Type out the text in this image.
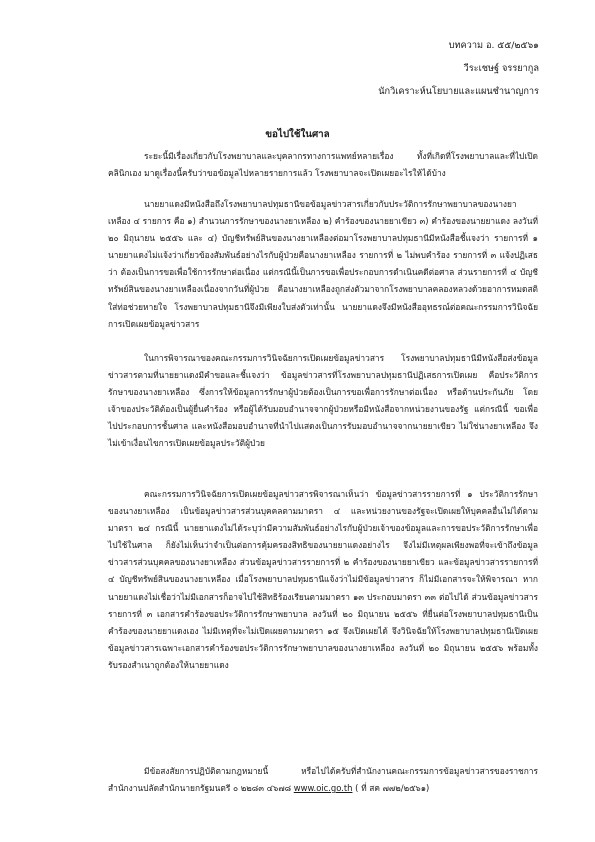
บทความ อ. ๕๕/๒๕๖๑
วีระเชษฐ์ จรรยากูล
นักวิเคราะห์นโยบายและแผนชำนาญการ
ขอไปใช้ในศาล

ระยะนี้มีเรื่องเกี่ยวกับโรงพยาบาลและบุคลากรทางการแพทย์หลายเรื่อง ทั้งที่เกิดที่โรงพยาบาลและที่ไปเปิดคลินิกเอง มาดูเรื่องนี้ครับว่าขอข้อมูลไปหลายรายการแล้ว โรงพยาบาลจะเปิดเผยอะไรให้ได้บ้าง

นายยาแดงมีหนังสือถึงโรงพยาบาลปทุมธานีขอข้อมูลข่าวสารเกี่ยวกับประวัติการรักษาพยาบาลของนางยาเหลือง ๔ รายการ คือ ๑) สำนวนการรักษาของนางยาเหลือง ๒) คำร้องของนายยาเขียว ๓) คำร้องของนายยาแดง ลงวันที่ ๒๐ มิถุนายน ๒๕๕๖ และ ๔) บัญชีทรัพย์สินของนางยาเหลืองต่อมาโรงพยาบาลปทุมธานีมีหนังสือชี้แจงว่า รายการที่ ๑ นายยาแดงไม่แจ้งว่าเกี่ยวข้องสัมพันธ์อย่างไรกับผู้ป่วยคือนางยาเหลือง รายการที่ ๒ ไม่พบคำร้อง รายการที่ ๓ แจ้งปฏิเสธว่า ต้องเป็นการขอเพื่อใช้การรักษาต่อเนื่อง แต่กรณีนี้เป็นการขอเพื่อประกอบการดำเนินคดีต่อศาล ส่วนรายการที่ ๔ บัญชีทรัพย์สินของนางยาเหลืองเนื่องจากวันที่ผู้ป่วย คือนางยาเหลืองถูกส่งตัวมาจากโรงพยาบาลคลองหลวงด้วยอาการหมดสติ ใส่ท่อช่วยหายใจ โรงพยาบาลปทุมธานีจึงมีเพียงใบส่งตัวเท่านั้น นายยาแดงจึงมีหนังสืออุทธรณ์ต่อคณะกรรมการวินิจฉัยการเปิดเผยข้อมูลข่าวสาร

ในการพิจารณาของคณะกรรมการวินิจฉัยการเปิดเผยข้อมูลข่าวสาร โรงพยาบาลปทุมธานีมีหนังสือส่งข้อมูลข่าวสารตามที่นายยาแดงมีคำขอและชี้แจงว่า ข้อมูลข่าวสารที่โรงพยาบาลปทุมธานีปฏิเสธการเปิดเผย คือประวัติการรักษาของนางยาเหลือง ซึ่งการให้ข้อมูลการรักษาผู้ป่วยต้องเป็นการขอเพื่อการรักษาต่อเนื่อง หรือต้านประกันภัย โดยเจ้าของประวัติต้องเป็นผู้ยื่นคำร้อง หรือผู้ได้รับมอบอำนาจจากผู้ป่วยหรือมีหนังสือจากหน่วยงานของรัฐ แต่กรณีนี้ ขอเพื่อไปประกอบการชั้นศาล และหนังสือมอบอำนาจที่นำไปแสดงเป็นการรับมอบอำนาจจากนายยาเขียว ไม่ใช่นางยาเหลือง จึงไม่เข้าเงื่อนไขการเปิดเผยข้อมูลประวัติผู้ป่วย

คณะกรรมการวินิจฉัยการเปิดเผยข้อมูลข่าวสารพิจารณาเห็นว่า ข้อมูลข่าวสารรายการที่ ๑ ประวัติการรักษาของนางยาเหลือง เป็นข้อมูลข่าวสารส่วนบุคคลตามมาตรา ๔ และหน่วยงานของรัฐจะเปิดเผยให้บุคคลอื่นไม่ได้ตามมาตรา ๒๔ กรณีนี้ นายยาแดงไม่ได้ระบุว่ามีความสัมพันธ์อย่างไรกับผู้ป่วยเจ้าของข้อมูลและการขอประวัติการรักษาเพื่อไปใช้ในศาล ก็ยังไม่เห็นว่าจำเป็นต่อการคุ้มครองสิทธิของนายยาแดงอย่างไร จึงไม่มีเหตุผลเพียงพอที่จะเข้าถึงข้อมูลข่าวสารส่วนบุคคลของนางยาเหลือง ส่วนข้อมูลข่าวสารรายการที่ ๒ คำร้องของนายยาเขียว และข้อมูลข่าวสารรายการที่ ๔ บัญชีทรัพย์สินของนางยาเหลือง เมื่อโรงพยาบาลปทุมธานีแจ้งว่าไม่มีข้อมูลข่าวสาร ก็ไม่มีเอกสารจะให้พิจารณา หากนายยาแดงไม่เชื่อว่าไม่มีเอกสารก็อาจไปใช้สิทธิร้องเรียนตามมาตรา ๑๓ ประกอบมาตรา ๓๓ ต่อไปได้ ส่วนข้อมูลข่าวสารรายการที่ ๓ เอกสารคำร้องขอประวัติการรักษาพยาบาล ลงวันที่ ๒๐ มิถุนายน ๒๕๕๖ ที่ยื่นต่อโรงพยาบาลปทุมธานีเป็นคำร้องของนายยาแดงเอง ไม่มีเหตุที่จะไม่เปิดเผยตามมาตรา ๑๕ จึงเปิดเผยได้ จึงวินิจฉัยให้โรงพยาบาลปทุมธานีเปิดเผยข้อมูลข่าวสารเฉพาะเอกสารคำร้องขอประวัติการรักษาพยาบาลของนางยาเหลือง ลงวันที่ ๒๐ มิถุนายน ๒๕๕๖ พร้อมทั้งรับรองสำเนาถูกต้องให้นายยาแดง

มีข้อสงสัยการปฏิบัติตามกฎหมายนี้ หรือไปได้ครับที่สำนักงานคณะกรรมการข้อมูลข่าวสารของราชการ สำนักงานปลัดสำนักนายกรัฐมนตรี ๐ ๒๒๘๓ ๔๖๗๘ www.oic.go.th ( ที่ สค ๗๗๒/๒๕๖๑)
